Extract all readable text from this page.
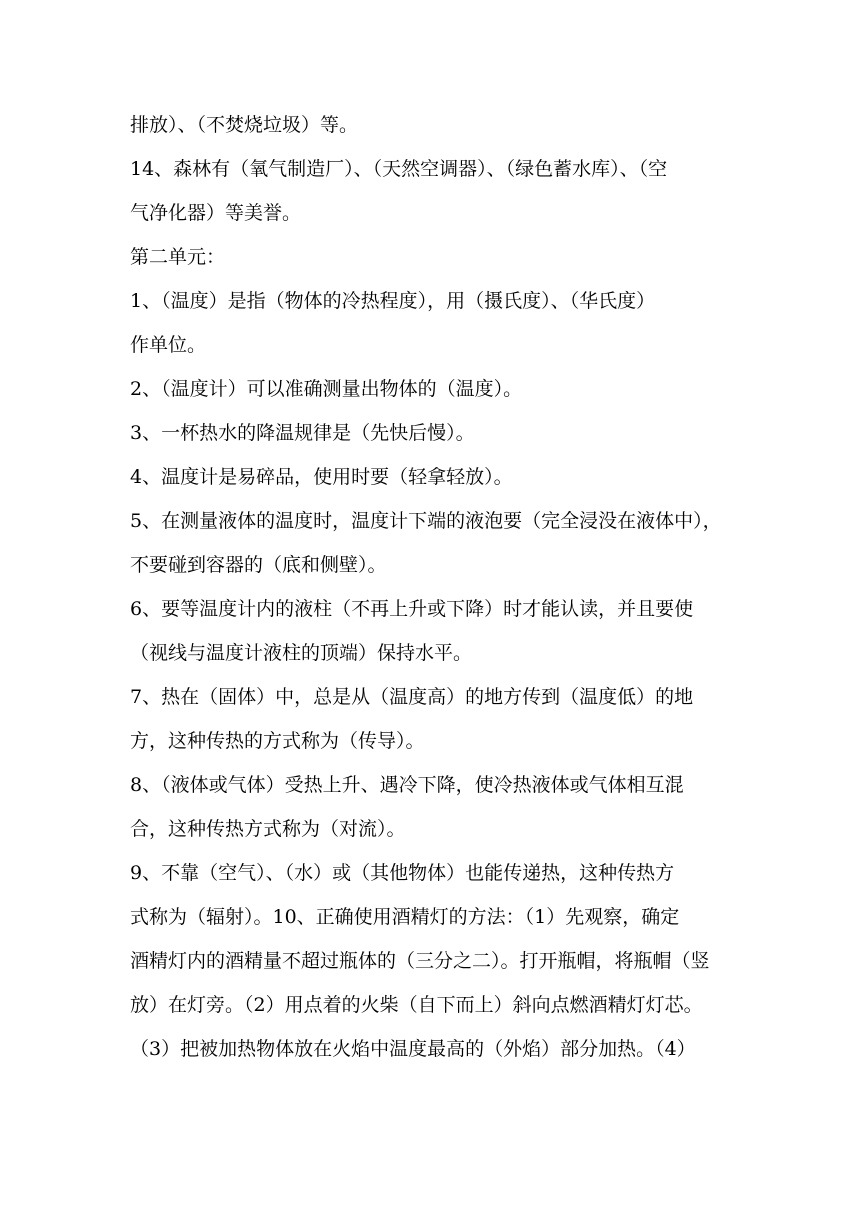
排放）、（不焚烧垃圾）等。
14、森林有（氧气制造厂）、（天然空调器）、（绿色蓄水库）、（空
气净化器）等美誉。
第二单元：
1、（温度）是指（物体的冷热程度），用（摄氏度）、（华氏度）
作单位。
2、（温度计）可以准确测量出物体的（温度）。
3、一杯热水的降温规律是（先快后慢）。
4、温度计是易碎品，使用时要（轻拿轻放）。
5、在测量液体的温度时，温度计下端的液泡要（完全浸没在液体中），
不要碰到容器的（底和侧壁）。
6、要等温度计内的液柱（不再上升或下降）时才能认读，并且要使
（视线与温度计液柱的顶端）保持水平。
7、热在（固体）中，总是从（温度高）的地方传到（温度低）的地
方，这种传热的方式称为（传导）。
8、（液体或气体）受热上升、遇冷下降，使冷热液体或气体相互混
合，这种传热方式称为（对流）。
9、不靠（空气）、（水）或（其他物体）也能传递热，这种传热方
式称为（辐射）。10、正确使用酒精灯的方法：（1）先观察，确定
酒精灯内的酒精量不超过瓶体的（三分之二）。打开瓶帽，将瓶帽（竖
放）在灯旁。（2）用点着的火柴（自下而上）斜向点燃酒精灯灯芯。
（3）把被加热物体放在火焰中温度最高的（外焰）部分加热。（4）
